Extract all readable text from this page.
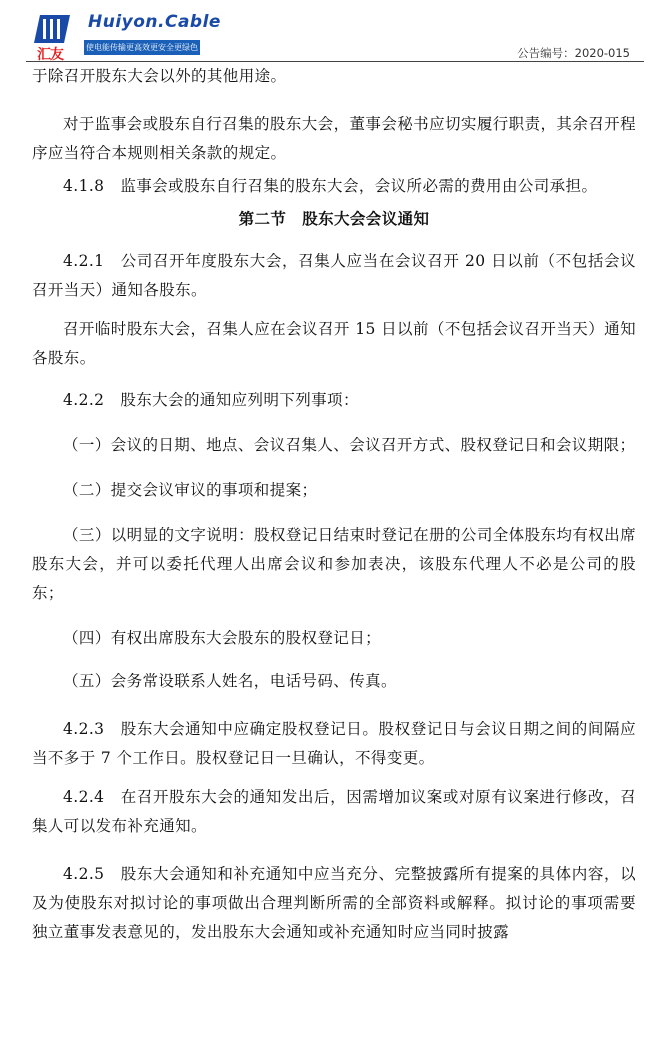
Huiyon.Cable
汇友	使电能传输更高效更安全更绿色	公告编号：2020-015

于除召开股东大会以外的其他用途。

对于监事会或股东自行召集的股东大会，董事会秘书应切实履行职责，其余召开程序应当符合本规则相关条款的规定。

4.1.8　监事会或股东自行召集的股东大会，会议所必需的费用由公司承担。

第二节　股东大会会议通知

4.2.1　公司召开年度股东大会，召集人应当在会议召开 20 日以前（不包括会议召开当天）通知各股东。

召开临时股东大会，召集人应在会议召开 15 日以前（不包括会议召开当天）通知各股东。

4.2.2　股东大会的通知应列明下列事项：

（一）会议的日期、地点、会议召集人、会议召开方式、股权登记日和会议期限；

（二）提交会议审议的事项和提案；

（三）以明显的文字说明：股权登记日结束时登记在册的公司全体股东均有权出席股东大会，并可以委托代理人出席会议和参加表决，该股东代理人不必是公司的股东；

（四）有权出席股东大会股东的股权登记日；

（五）会务常设联系人姓名，电话号码、传真。

4.2.3　股东大会通知中应确定股权登记日。股权登记日与会议日期之间的间隔应当不多于 7 个工作日。股权登记日一旦确认，不得变更。

4.2.4　在召开股东大会的通知发出后，因需增加议案或对原有议案进行修改，召集人可以发布补充通知。

4.2.5　股东大会通知和补充通知中应当充分、完整披露所有提案的具体内容，以及为使股东对拟讨论的事项做出合理判断所需的全部资料或解释。拟讨论的事项需要独立董事发表意见的，发出股东大会通知或补充通知时应当同时披露
